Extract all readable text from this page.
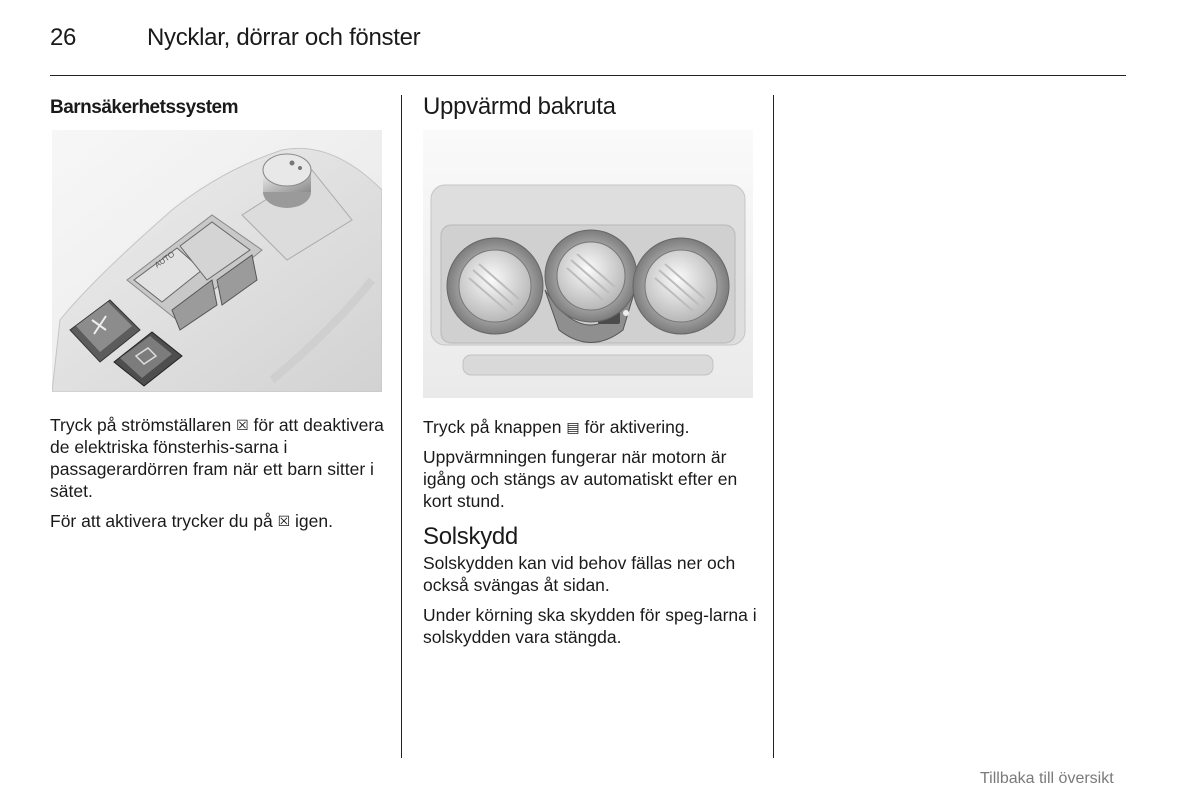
26	Nycklar, dörrar och fönster
Barnsäkerhetssystem
AUTO

Tryck på strömställaren ☒ för att deaktivera de elektriska fönsterhis-sarna i passagerardörren fram när ett barn sitter i sätet.

För att aktivera trycker du på ☒ igen.

Uppvärmd bakruta

Tryck på knappen ▤ för aktivering.

Uppvärmningen fungerar när motorn är igång och stängs av automatiskt efter en kort stund.

Solskydd

Solskydden kan vid behov fällas ner och också svängas åt sidan.

Under körning ska skydden för speg-larna i solskydden vara stängda.

Tillbaka till översikt
